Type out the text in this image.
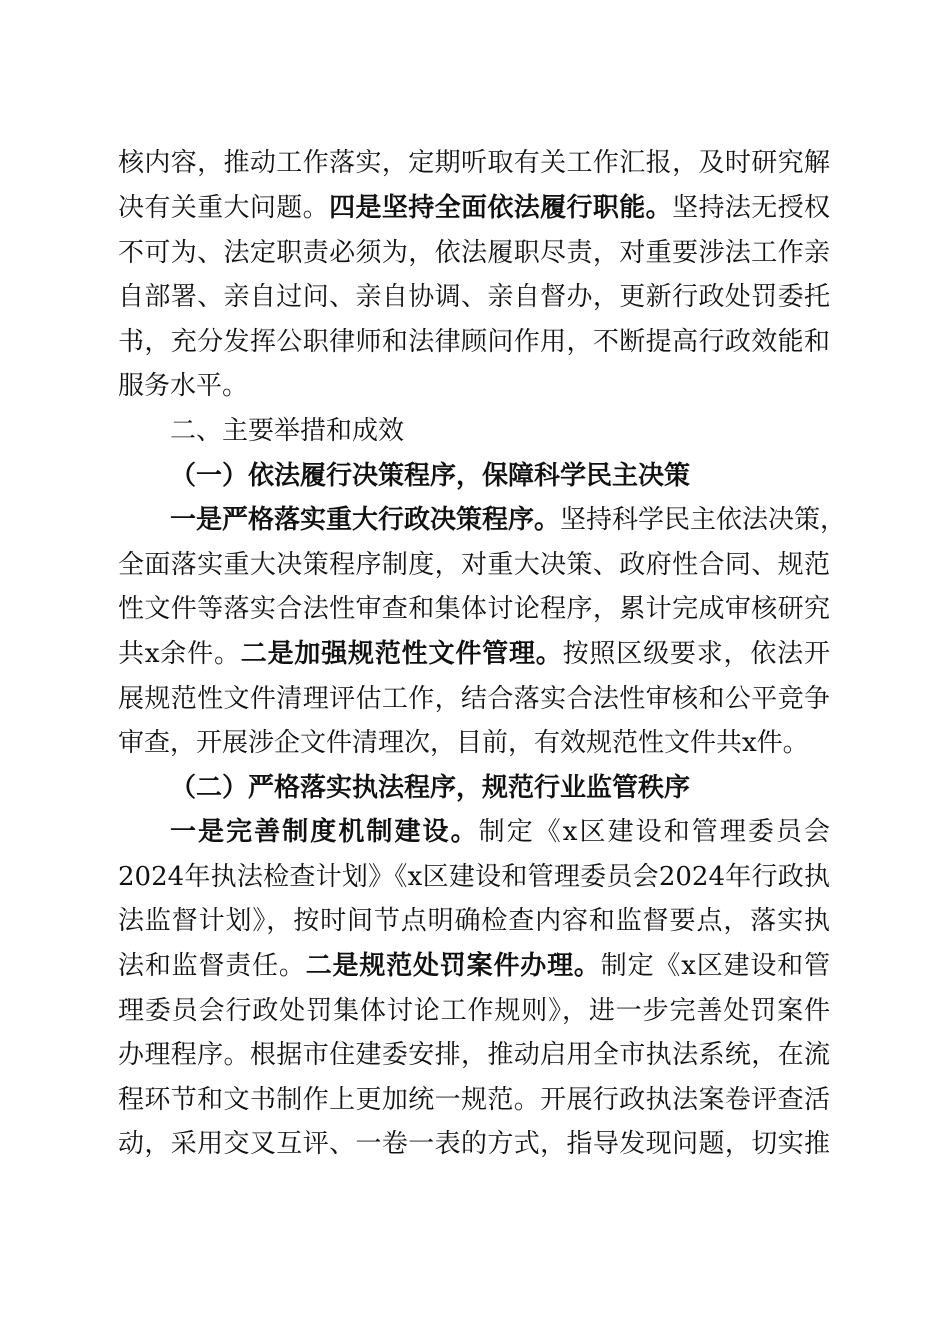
核内容，推动工作落实，定期听取有关工作汇报，及时研究解
决有关重大问题。四是坚持全面依法履行职能。坚持法无授权
不可为、法定职责必须为，依法履职尽责，对重要涉法工作亲
自部署、亲自过问、亲自协调、亲自督办，更新行政处罚委托
书，充分发挥公职律师和法律顾问作用，不断提高行政效能和
服务水平。
二、主要举措和成效
（一）依法履行决策程序，保障科学民主决策
一是严格落实重大行政决策程序。坚持科学民主依法决策，
全面落实重大决策程序制度，对重大决策、政府性合同、规范
性文件等落实合法性审查和集体讨论程序，累计完成审核研究
共x余件。二是加强规范性文件管理。按照区级要求，依法开
展规范性文件清理评估工作，结合落实合法性审核和公平竞争
审查，开展涉企文件清理次，目前，有效规范性文件共x件。
（二）严格落实执法程序，规范行业监管秩序
一是完善制度机制建设。制定《x区建设和管理委员会
2024年执法检查计划》《x区建设和管理委员会2024年行政执
法监督计划》，按时间节点明确检查内容和监督要点，落实执
法和监督责任。二是规范处罚案件办理。制定《x区建设和管
理委员会行政处罚集体讨论工作规则》，进一步完善处罚案件
办理程序。根据市住建委安排，推动启用全市执法系统，在流
程环节和文书制作上更加统一规范。开展行政执法案卷评查活
动，采用交叉互评、一卷一表的方式，指导发现问题，切实推
